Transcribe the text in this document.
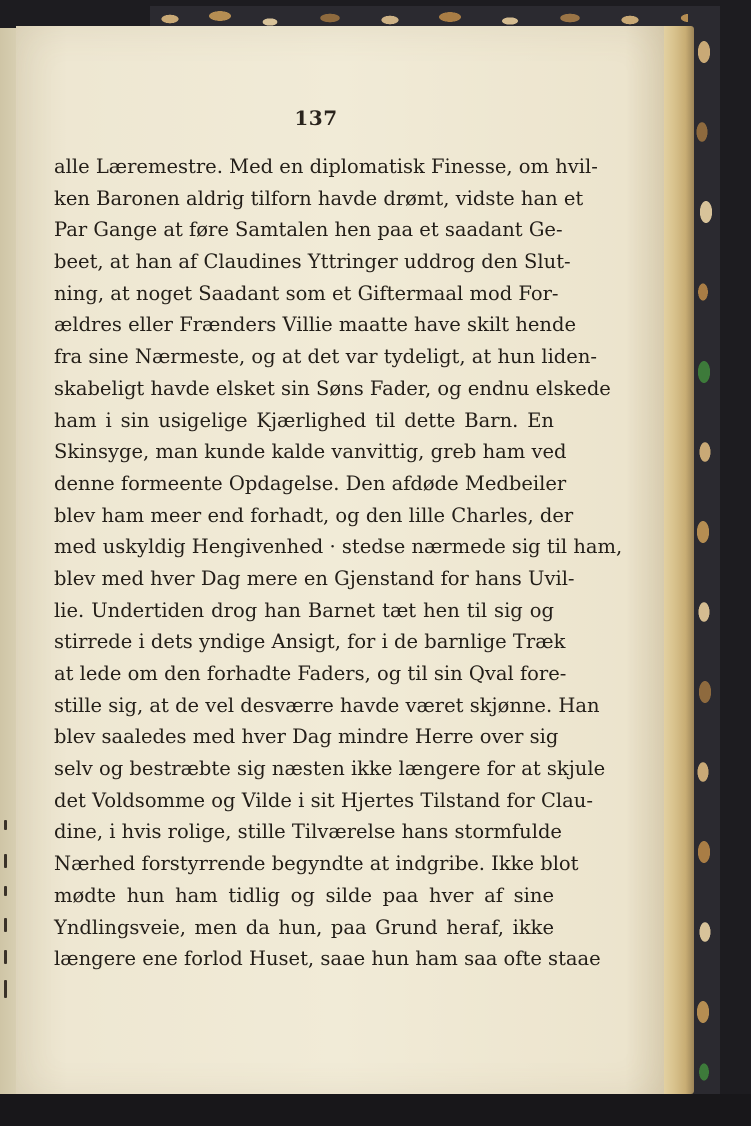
137
alle Læremestre. Med en diplomatisk Finesse, om hvil-
ken Baronen aldrig tilforn havde drømt, vidste han et
Par Gange at føre Samtalen hen paa et saadant Ge-
beet, at han af Claudines Yttringer uddrog den Slut-
ning, at noget Saadant som et Giftermaal mod For-
ældres eller Frænders Villie maatte have skilt hende
fra sine Nærmeste, og at det var tydeligt, at hun liden-
skabeligt havde elsket sin Søns Fader, og endnu elskede
ham i sin usigelige Kjærlighed til dette Barn. En
Skinsyge, man kunde kalde vanvittig, greb ham ved
denne formeente Opdagelse. Den afdøde Medbeiler
blev ham meer end forhadt, og den lille Charles, der
med uskyldig Hengivenhed · stedse nærmede sig til ham,
blev med hver Dag mere en Gjenstand for hans Uvil-
lie. Undertiden drog han Barnet tæt hen til sig og
stirrede i dets yndige Ansigt, for i de barnlige Træk
at lede om den forhadte Faders, og til sin Qval fore-
stille sig, at de vel desværre havde været skjønne. Han
blev saaledes med hver Dag mindre Herre over sig
selv og bestræbte sig næsten ikke længere for at skjule
det Voldsomme og Vilde i sit Hjertes Tilstand for Clau-
dine, i hvis rolige, stille Tilværelse hans stormfulde
Nærhed forstyrrende begyndte at indgribe. Ikke blot
mødte hun ham tidlig og silde paa hver af sine
Yndlingsveie, men da hun, paa Grund heraf, ikke
længere ene forlod Huset, saae hun ham saa ofte staae
